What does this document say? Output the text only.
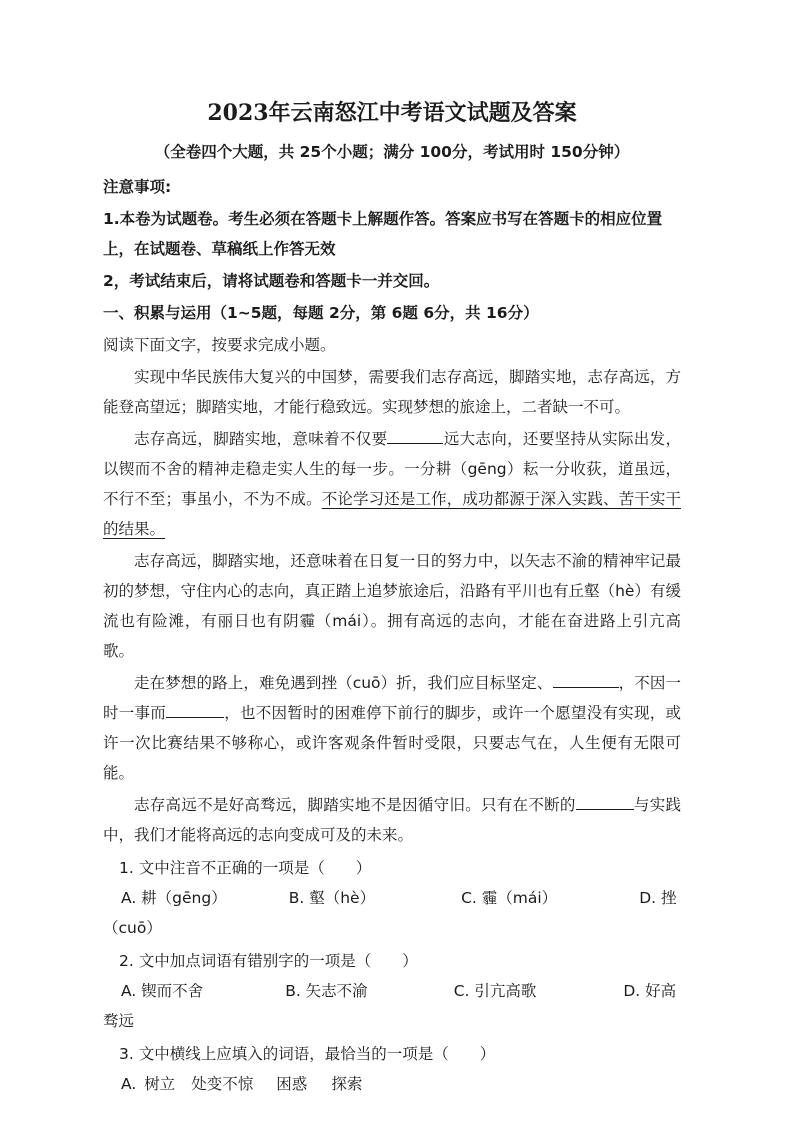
2023年云南怒江中考语文试题及答案
（全卷四个大题，共 25个小题；满分 100分，考试用时 150分钟）
注意事项:
1.本卷为试题卷。考生必须在答题卡上解题作答。答案应书写在答题卡的相应位置上，在试题卷、草稿纸上作答无效
2，考试结束后，请将试题卷和答题卡一并交回。
一、积累与运用（1~5题，每题 2分，第 6题 6分，共 16分）
阅读下面文字，按要求完成小题。
实现中华民族伟大复兴的中国梦，需要我们志存高远，脚踏实地，志存高远，方能登高望远；脚踏实地，才能行稳致远。实现梦想的旅途上，二者缺一不可。
志存高远，脚踏实地，意味着不仅要	远大志向，还要坚持从实际出发，以锲而不舍的精神走稳走实人生的每一步。一分耕（gēng）耘一分收荻，道虽远，不行不至；事虽小，不为不成。不论学习还是工作，成功都源于深入实践、苦干实干的结果。
志存高远，脚踏实地，还意味着在日复一日的努力中，以矢志不渝的精神牢记最初的梦想，守住内心的志向，真正踏上追梦旅途后，沿路有平川也有丘壑（hè）有缓流也有险滩，有丽日也有阴霾（mái）。拥有高远的志向，才能在奋进路上引亢高歌。
走在梦想的路上，难免遇到挫（cuō）折，我们应目标坚定、	，不因一时一事而	，也不因暂时的困难停下前行的脚步，或许一个愿望没有实现，或许一次比赛结果不够称心，或许客观条件暂时受限，只要志气在，人生便有无限可能。
志存高远不是好高骛远，脚踏实地不是因循守旧。只有在不断的	与实践中，我们才能将高远的志向变成可及的未来。
1. 文中注音不正确的一项是（　　）
A. 耕（gēng）	B. 壑（hè）	C. 霾（mái）	D. 挫（cuō）
2. 文中加点词语有错别字的一项是（　　）
A. 锲而不舍	B. 矢志不渝	C. 引亢高歌	D. 好高骛远
3. 文中横线上应填入的词语，最恰当的一项是（　　）
A. 树立 处变不惊 困惑 探索
